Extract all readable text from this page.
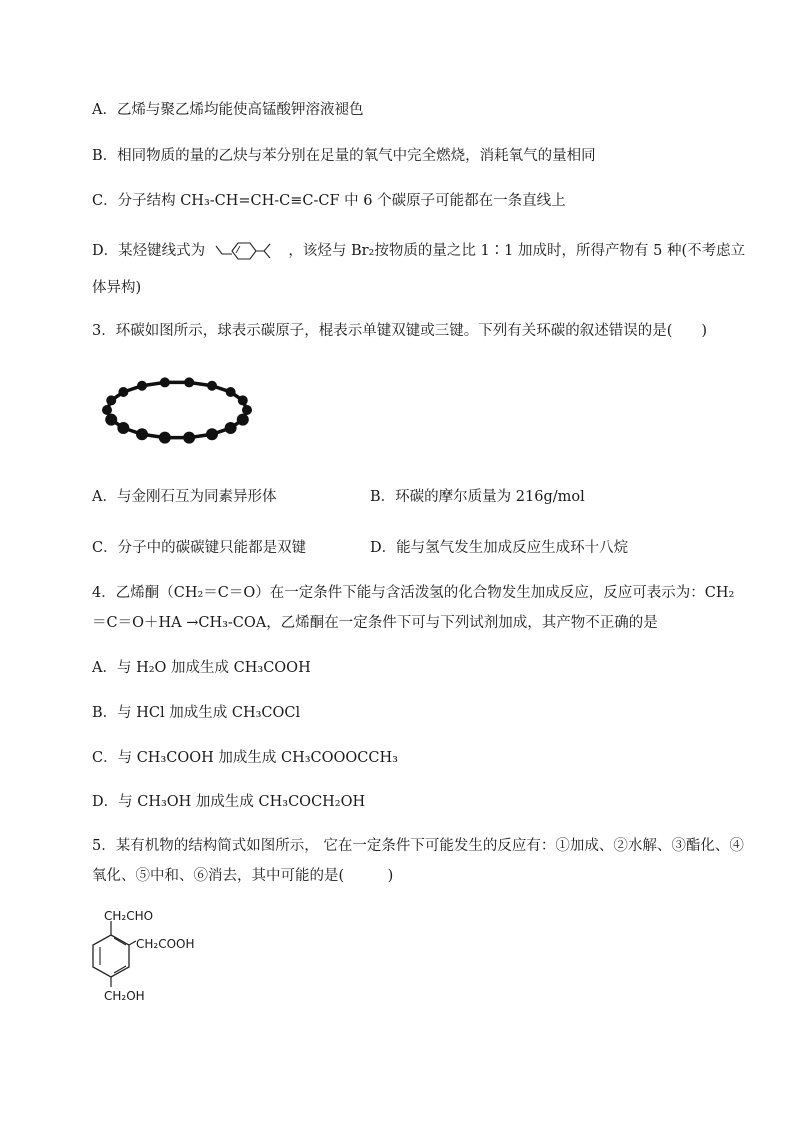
A．乙烯与聚乙烯均能使高锰酸钾溶液褪色
B．相同物质的量的乙炔与苯分别在足量的氧气中完全燃烧，消耗氧气的量相同
C．分子结构 CH₃-CH=CH-C≡C-CF 中 6 个碳原子可能都在一条直线上
D．某烃键线式为	，该烃与 Br₂按物质的量之比 1∶1 加成时，所得产物有 5 种(不考虑立
体异构)
3．环碳如图所示，球表示碳原子，棍表示单键双键或三键。下列有关环碳的叙述错误的是(　　)
A．与金刚石互为同素异形体	B．环碳的摩尔质量为 216g/mol
C．分子中的碳碳键只能都是双键	D．能与氢气发生加成反应生成环十八烷
4．乙烯酮（CH₂＝C＝O）在一定条件下能与含活泼氢的化合物发生加成反应，反应可表示为：CH₂
＝C＝O＋HA →CH₃-COA，乙烯酮在一定条件下可与下列试剂加成，其产物不正确的是
A．与 H₂O 加成生成 CH₃COOH
B．与 HCl 加成生成 CH₃COCl
C．与 CH₃COOH 加成生成 CH₃COOOCCH₃
D．与 CH₃OH 加成生成 CH₃COCH₂OH
5．某有机物的结构简式如图所示， 它在一定条件下可能发生的反应有：①加成、②水解、③酯化、④
氧化、⑤中和、⑥消去，其中可能的是(　　　)
CH₂CHO
CH₂COOH
CH₂OH
